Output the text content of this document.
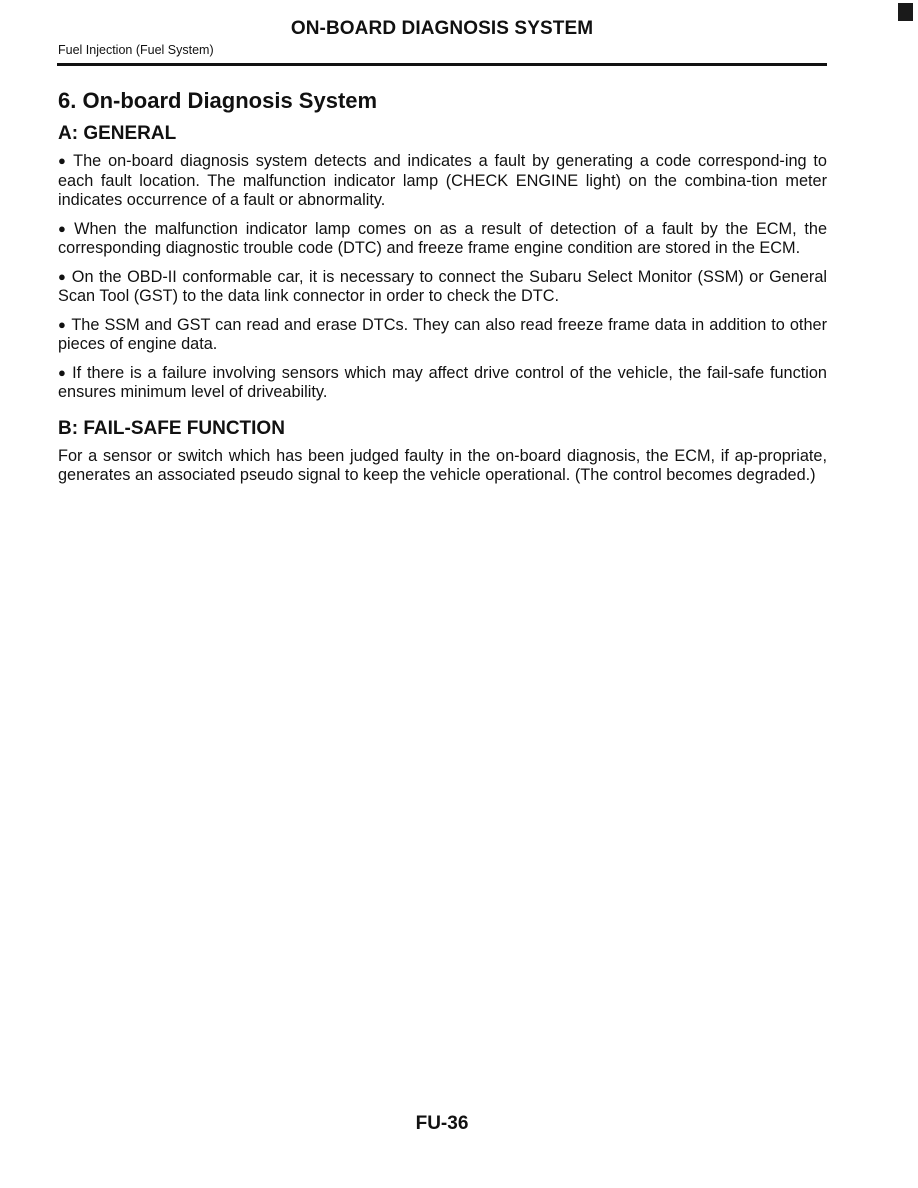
ON-BOARD DIAGNOSIS SYSTEM
Fuel Injection (Fuel System)
6. On-board Diagnosis System
A: GENERAL

● The on-board diagnosis system detects and indicates a fault by generating a code correspond-ing to each fault location. The malfunction indicator lamp (CHECK ENGINE light) on the combina-tion meter indicates occurrence of a fault or abnormality.

● When the malfunction indicator lamp comes on as a result of detection of a fault by the ECM, the corresponding diagnostic trouble code (DTC) and freeze frame engine condition are stored in the ECM.

● On the OBD-II conformable car, it is necessary to connect the Subaru Select Monitor (SSM) or General Scan Tool (GST) to the data link connector in order to check the DTC.

● The SSM and GST can read and erase DTCs. They can also read freeze frame data in addition to other pieces of engine data.

● If there is a failure involving sensors which may affect drive control of the vehicle, the fail-safe function ensures minimum level of driveability.

B: FAIL-SAFE FUNCTION

For a sensor or switch which has been judged faulty in the on-board diagnosis, the ECM, if ap-propriate, generates an associated pseudo signal to keep the vehicle operational. (The control becomes degraded.)

FU-36
